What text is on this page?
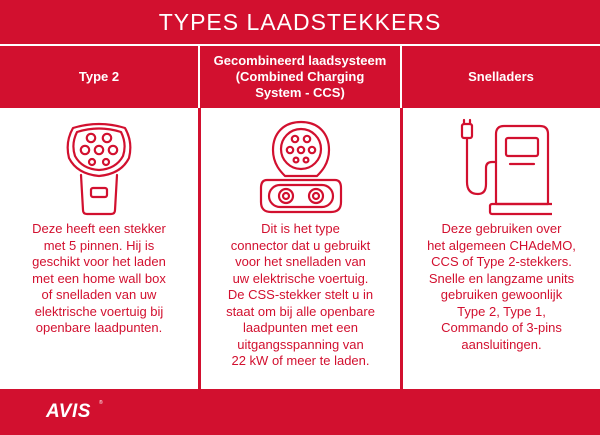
TYPES LAADSTEKKERS
Type 2
Gecombineerd laadsysteem
(Combined Charging
System - CCS)
Snelladers
Deze heeft een stekker
met 5 pinnen. Hij is
geschikt voor het laden
met een home wall box
of snelladen van uw
elektrische voertuig bij
openbare laadpunten.
Dit is het type
connector dat u gebruikt
voor het snelladen van
uw elektrische voertuig.
De CSS-stekker stelt u in
staat om bij alle openbare
laadpunten met een
uitgangsspanning van
22 kW of meer te laden.
Deze gebruiken over
het algemeen CHAdeMO,
CCS of Type 2-stekkers.
Snelle en langzame units
gebruiken gewoonlijk
Type 2, Type 1,
Commando of 3-pins
aansluitingen.
AVIS ®
